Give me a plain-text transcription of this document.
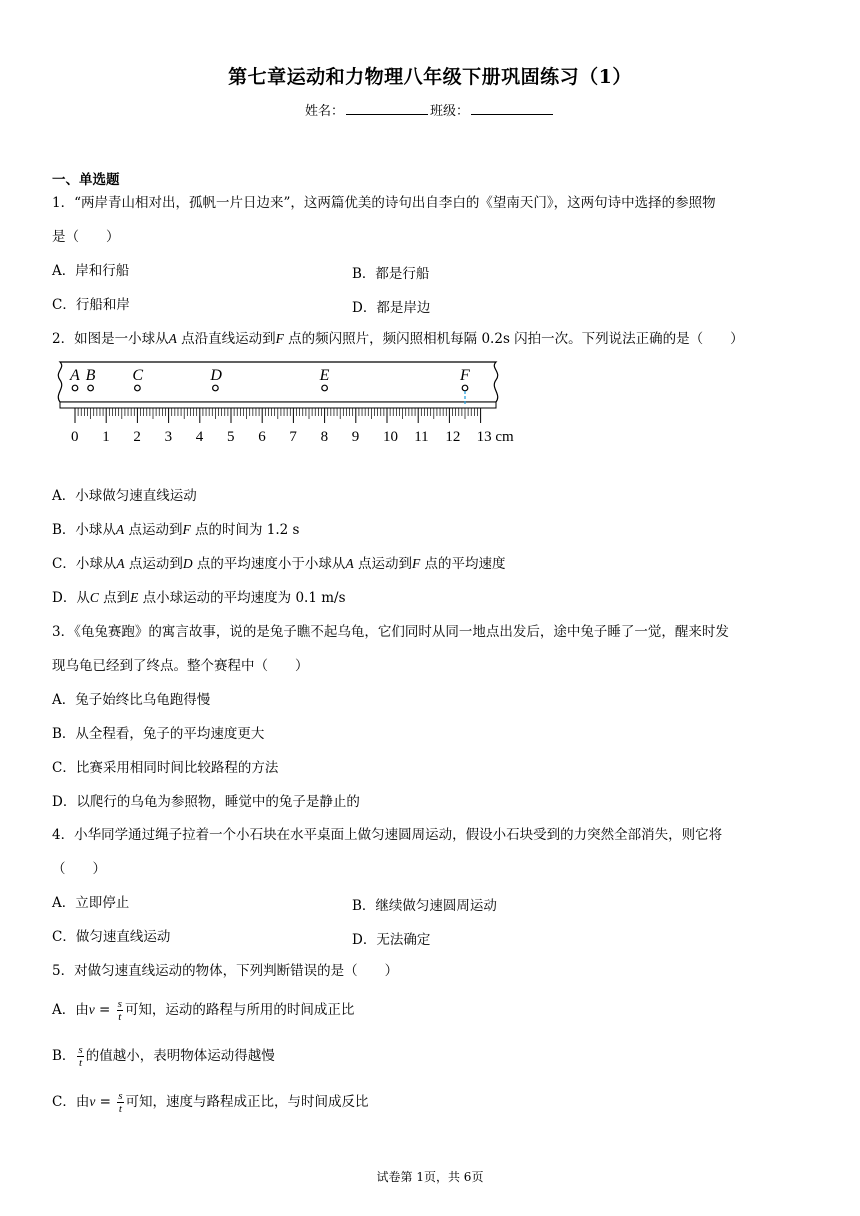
第七章运动和力物理八年级下册巩固练习（1）
姓名：	班级：
一、单选题
1．“两岸青山相对出，孤帆一片日边来”，这两篇优美的诗句出自李白的《望南天门》，这两句诗中选择的参照物
是（　　）
A．岸和行船	B．都是行船
C．行船和岸	D．都是岸边
2．如图是一小球从A 点沿直线运动到F 点的频闪照片，频闪照相机每隔 0.2s 闪拍一次。下列说法正确的是（　　）
0 1 2 3 4 5 6 7 8 9 10 11 12 13 cm
A B C	D	E	F
A．小球做匀速直线运动
B．小球从A 点运动到F 点的时间为 1.2 s
C．小球从A 点运动到D 点的平均速度小于小球从A 点运动到F 点的平均速度
D．从C 点到E 点小球运动的平均速度为 0.1 m/s
3．《龟兔赛跑》的寓言故事，说的是兔子瞧不起乌龟，它们同时从同一地点出发后，途中兔子睡了一觉，醒来时发
现乌龟已经到了终点。整个赛程中（　　）
A．兔子始终比乌龟跑得慢
B．从全程看，兔子的平均速度更大
C．比赛采用相同时间比较路程的方法
D．以爬行的乌龟为参照物，睡觉中的兔子是静止的
4．小华同学通过绳子拉着一个小石块在水平桌面上做匀速圆周运动，假设小石块受到的力突然全部消失，则它将
（　　）
A．立即停止	B．继续做匀速圆周运动
C．做匀速直线运动	D．无法确定
5．对做匀速直线运动的物体，下列判断错误的是（　　）
A．由$v = \frac{s}{t}$ 可知，运动的路程与所用的时间成正比
B． $\frac{s}{t}$ 的值越小，表明物体运动得越慢
C．由$v = \frac{s}{t}$ 可知，速度与路程成正比，与时间成反比
试卷第 1页，共 6页
